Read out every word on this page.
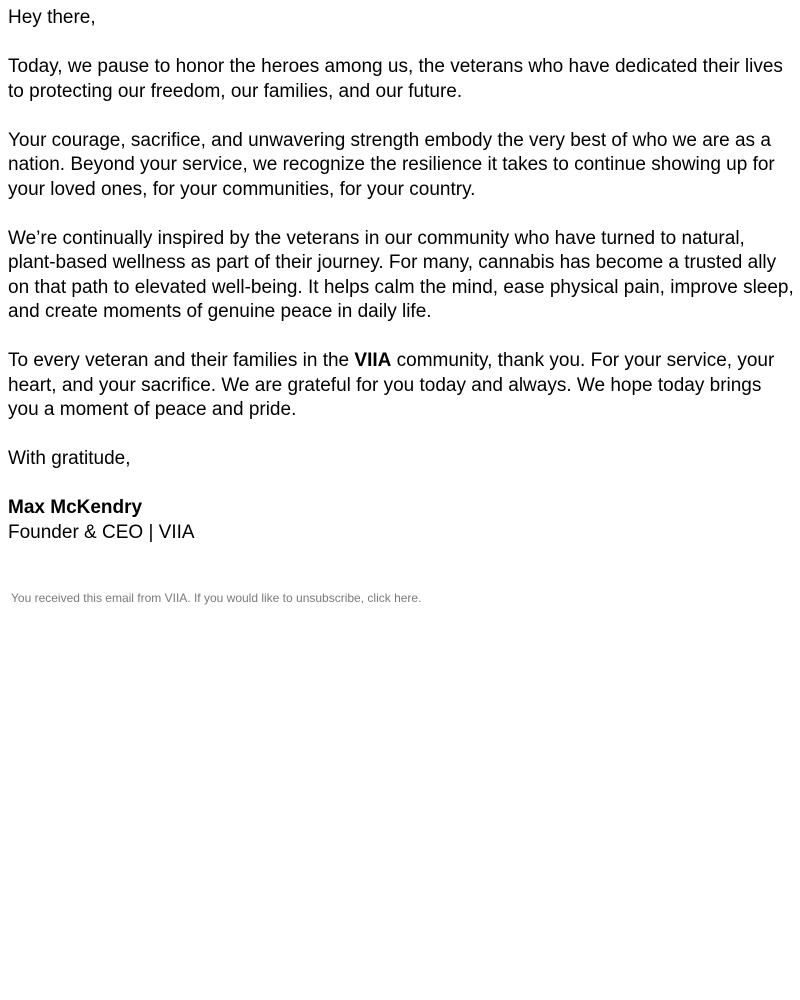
Hey there,

Today, we pause to honor the heroes among us, the veterans who have dedicated their lives to protecting our freedom, our families, and our future.

Your courage, sacrifice, and unwavering strength embody the very best of who we are as a nation. Beyond your service, we recognize the resilience it takes to continue showing up for your loved ones, for your communities, for your country.

We’re continually inspired by the veterans in our community who have turned to natural, plant-based wellness as part of their journey. For many, cannabis has become a trusted ally on that path to elevated well-being. It helps calm the mind, ease physical pain, improve sleep, and create moments of genuine peace in daily life.

To every veteran and their families in the VIIA community, thank you. For your service, your heart, and your sacrifice. We are grateful for you today and always. We hope today brings you a moment of peace and pride.

With gratitude,

Max McKendry

Founder & CEO | VIIA

You received this email from VIIA. If you would like to unsubscribe, click here.
